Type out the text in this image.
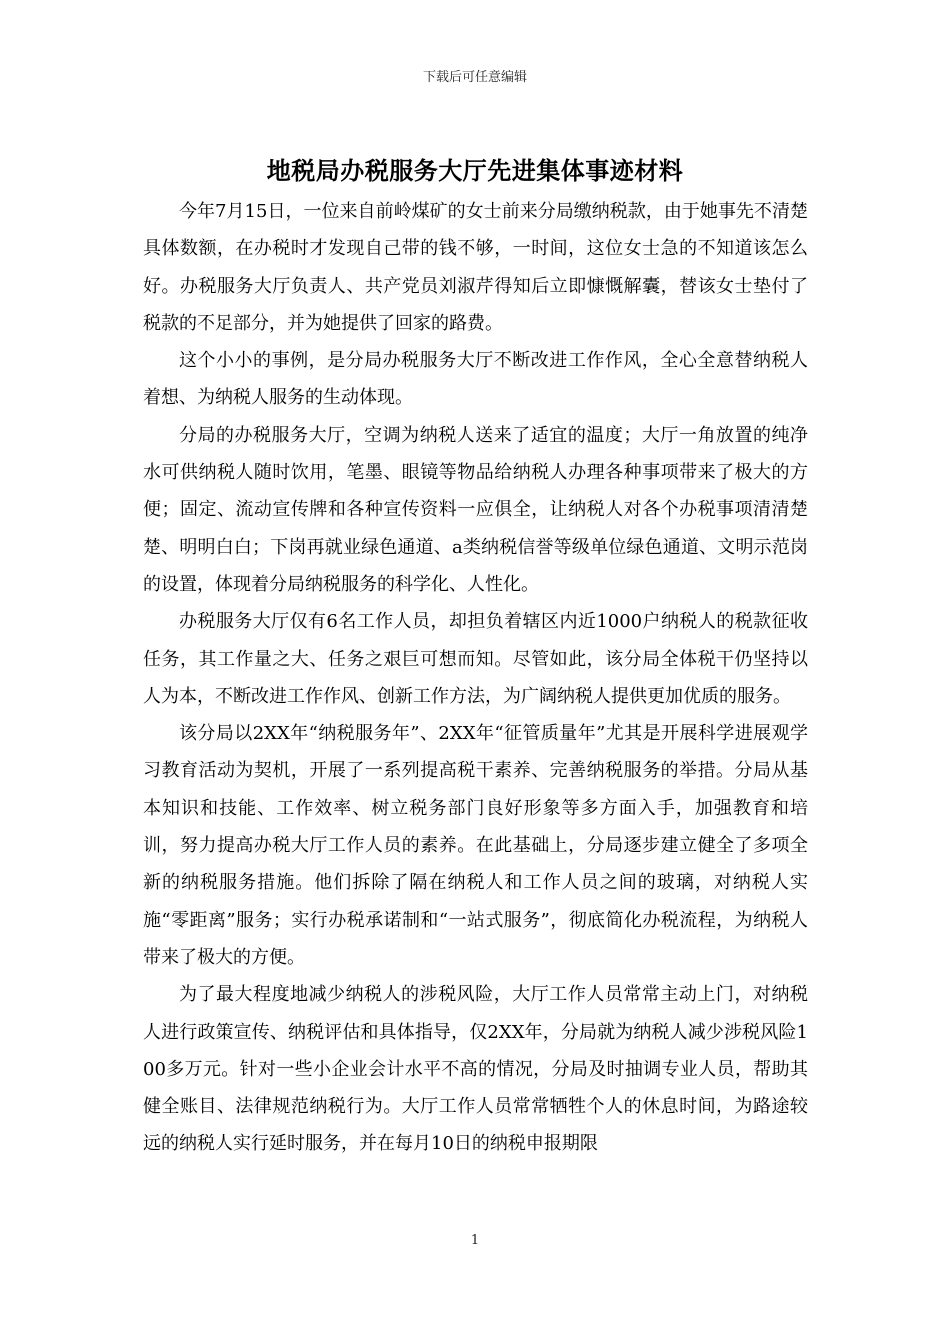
下载后可任意编辑
地税局办税服务大厅先进集体事迹材料

今年7月15日，一位来自前岭煤矿的女士前来分局缴纳税款，由于她事先不清楚具体数额，在办税时才发现自己带的钱不够，一时间，这位女士急的不知道该怎么好。办税服务大厅负责人、共产党员刘淑芹得知后立即慷慨解囊，替该女士垫付了税款的不足部分，并为她提供了回家的路费。

这个小小的事例，是分局办税服务大厅不断改进工作作风，全心全意替纳税人着想、为纳税人服务的生动体现。

分局的办税服务大厅，空调为纳税人送来了适宜的温度；大厅一角放置的纯净水可供纳税人随时饮用，笔墨、眼镜等物品给纳税人办理各种事项带来了极大的方便；固定、流动宣传牌和各种宣传资料一应俱全，让纳税人对各个办税事项清清楚楚、明明白白；下岗再就业绿色通道、a类纳税信誉等级单位绿色通道、文明示范岗的设置，体现着分局纳税服务的科学化、人性化。

办税服务大厅仅有6名工作人员，却担负着辖区内近1000户纳税人的税款征收任务，其工作量之大、任务之艰巨可想而知。尽管如此，该分局全体税干仍坚持以人为本，不断改进工作作风、创新工作方法，为广阔纳税人提供更加优质的服务。

该分局以2XX年“纳税服务年”、2XX年“征管质量年”尤其是开展科学进展观学习教育活动为契机，开展了一系列提高税干素养、完善纳税服务的举措。分局从基本知识和技能、工作效率、树立税务部门良好形象等多方面入手，加强教育和培训，努力提高办税大厅工作人员的素养。在此基础上，分局逐步建立健全了多项全新的纳税服务措施。他们拆除了隔在纳税人和工作人员之间的玻璃，对纳税人实施“零距离”服务；实行办税承诺制和“一站式服务”，彻底简化办税流程，为纳税人带来了极大的方便。

为了最大程度地减少纳税人的涉税风险，大厅工作人员常常主动上门，对纳税人进行政策宣传、纳税评估和具体指导，仅2XX年，分局就为纳税人减少涉税风险100多万元。针对一些小企业会计水平不高的情况，分局及时抽调专业人员，帮助其健全账目、法律规范纳税行为。大厅工作人员常常牺牲个人的休息时间，为路途较远的纳税人实行延时服务，并在每月10日的纳税申报期限

1
